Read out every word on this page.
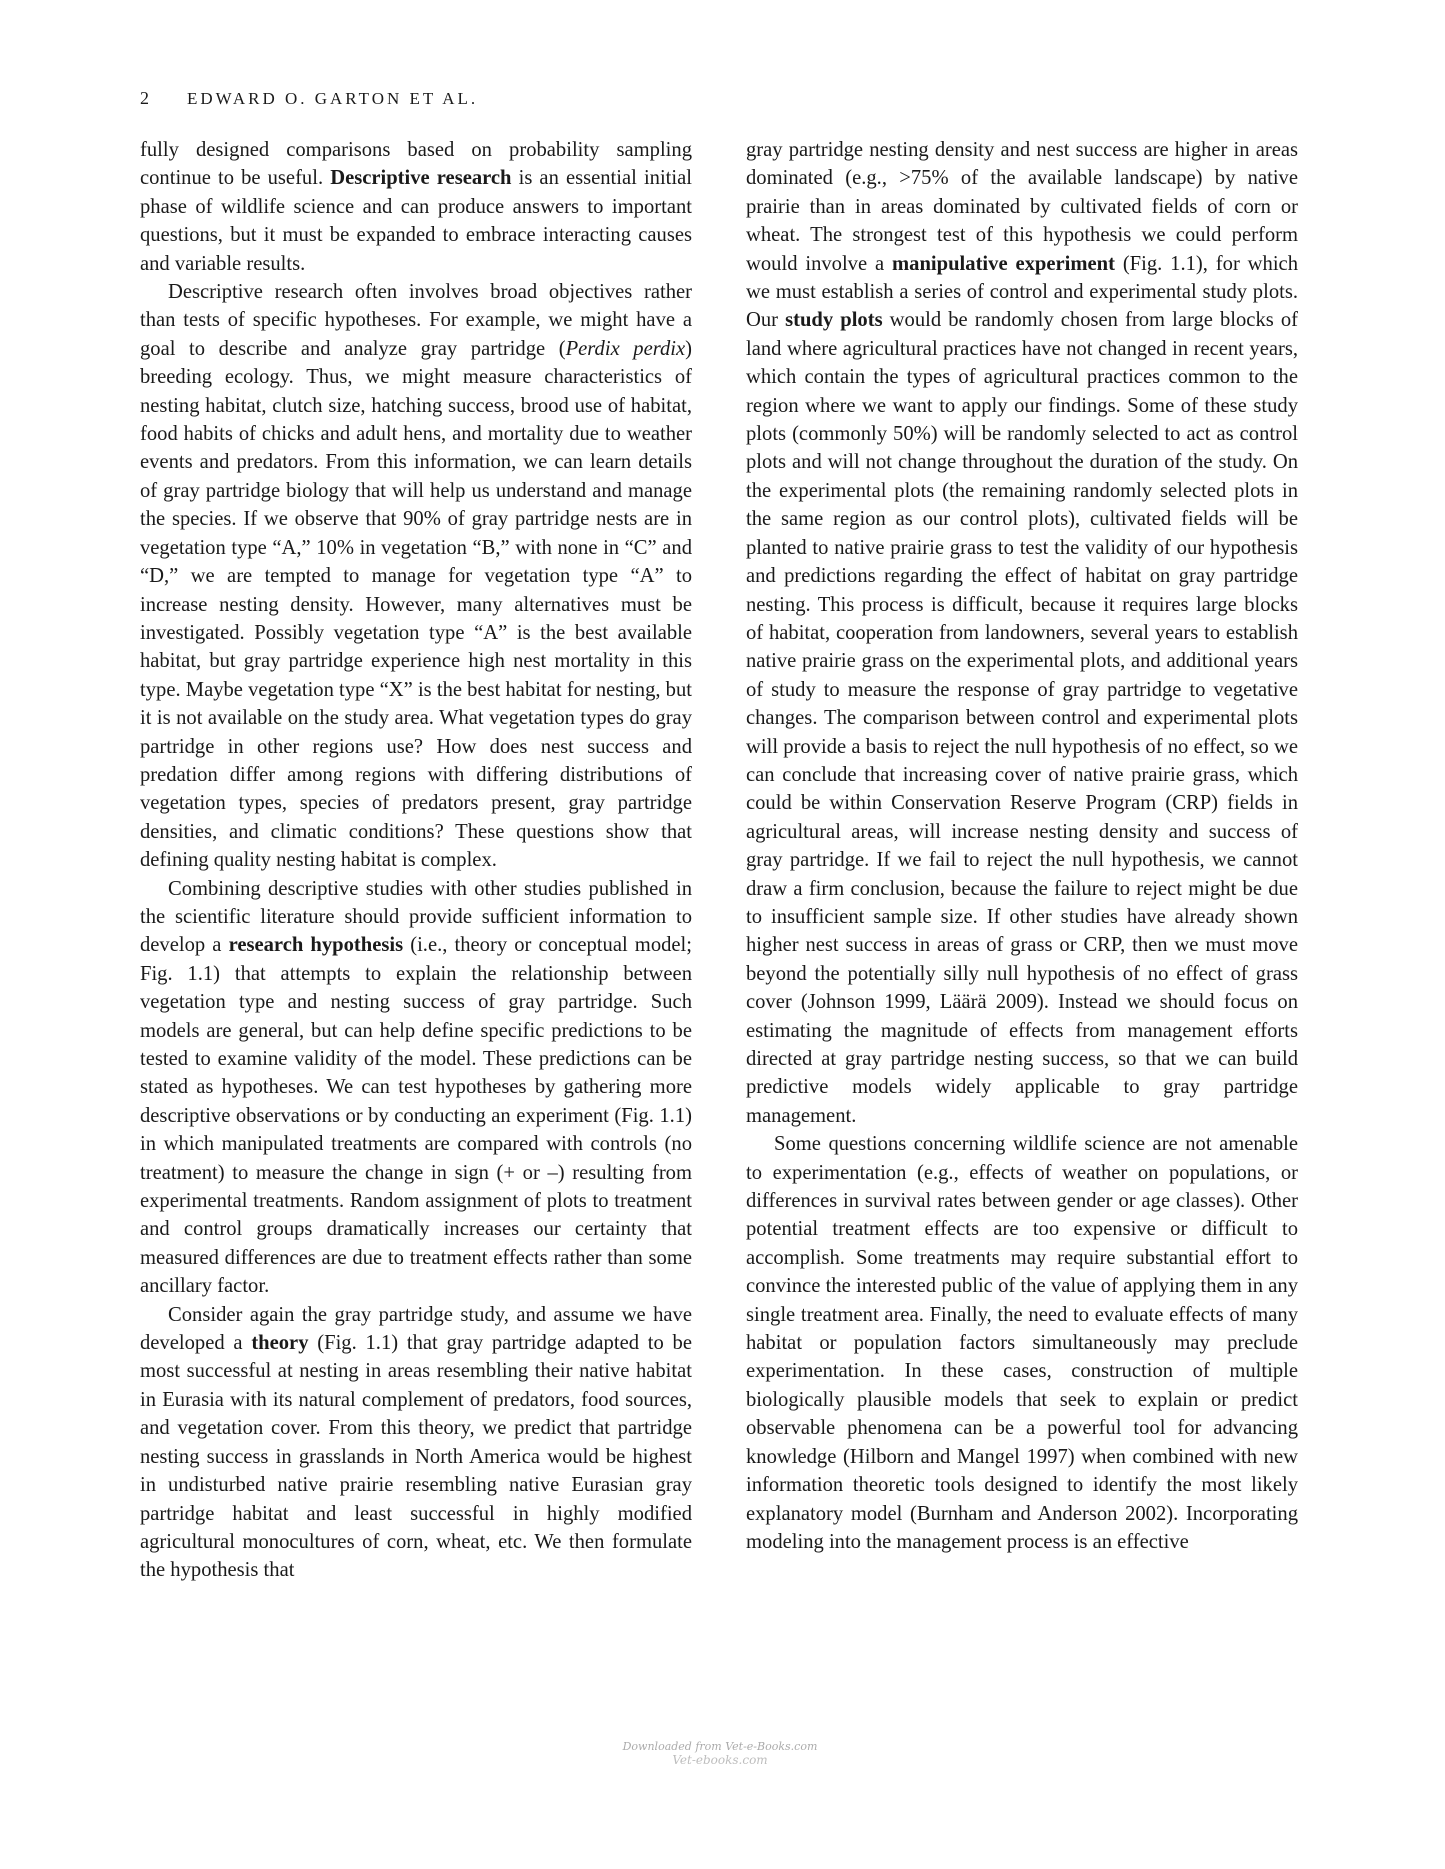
2 EDWARD O. GARTON ET AL.

fully designed comparisons based on probability sampling continue to be useful. Descriptive research is an essential initial phase of wildlife science and can produce answers to important questions, but it must be expanded to embrace interacting causes and variable results.

Descriptive research often involves broad objectives rather than tests of specific hypotheses. For example, we might have a goal to describe and analyze gray partridge (Perdix perdix) breeding ecology. Thus, we might measure characteristics of nesting habitat, clutch size, hatching success, brood use of habitat, food habits of chicks and adult hens, and mortality due to weather events and predators. From this information, we can learn details of gray partridge biology that will help us understand and manage the species. If we observe that 90% of gray partridge nests are in vegetation type “A,” 10% in vegetation “B,” with none in “C” and “D,” we are tempted to manage for vegetation type “A” to increase nesting density. However, many alternatives must be investigated. Possibly vegetation type “A” is the best available habitat, but gray partridge experience high nest mortality in this type. Maybe vegetation type “X” is the best habitat for nesting, but it is not available on the study area. What vegetation types do gray partridge in other regions use? How does nest success and predation differ among regions with differing distributions of vegetation types, species of predators present, gray partridge densities, and climatic conditions? These questions show that defining quality nesting habitat is complex.

Combining descriptive studies with other studies published in the scientific literature should provide sufficient information to develop a research hypothesis (i.e., theory or conceptual model; Fig. 1.1) that attempts to explain the relationship between vegetation type and nesting success of gray partridge. Such models are general, but can help define specific predictions to be tested to examine validity of the model. These predictions can be stated as hypotheses. We can test hypotheses by gathering more descriptive observations or by conducting an experiment (Fig. 1.1) in which manipulated treatments are compared with controls (no treatment) to measure the change in sign (+ or –) resulting from experimental treatments. Random assignment of plots to treatment and control groups dramatically increases our certainty that measured differences are due to treatment effects rather than some ancillary factor.

Consider again the gray partridge study, and assume we have developed a theory (Fig. 1.1) that gray partridge adapted to be most successful at nesting in areas resembling their native habitat in Eurasia with its natural complement of predators, food sources, and vegetation cover. From this theory, we predict that partridge nesting success in grasslands in North America would be highest in undisturbed native prairie resembling native Eurasian gray partridge habitat and least successful in highly modified agricultural monocultures of corn, wheat, etc. We then formulate the hypothesis that

gray partridge nesting density and nest success are higher in areas dominated (e.g., >75% of the available landscape) by native prairie than in areas dominated by cultivated fields of corn or wheat. The strongest test of this hypothesis we could perform would involve a manipulative experiment (Fig. 1.1), for which we must establish a series of control and experimental study plots. Our study plots would be randomly chosen from large blocks of land where agricultural practices have not changed in recent years, which contain the types of agricultural practices common to the region where we want to apply our findings. Some of these study plots (commonly 50%) will be randomly selected to act as control plots and will not change throughout the duration of the study. On the experimental plots (the remaining randomly selected plots in the same region as our control plots), cultivated fields will be planted to native prairie grass to test the validity of our hypothesis and predictions regarding the effect of habitat on gray partridge nesting. This process is difficult, because it requires large blocks of habitat, cooperation from landowners, several years to establish native prairie grass on the experimental plots, and additional years of study to measure the response of gray partridge to vegetative changes. The comparison between control and experimental plots will provide a basis to reject the null hypothesis of no effect, so we can conclude that increasing cover of native prairie grass, which could be within Conservation Reserve Program (CRP) fields in agricultural areas, will increase nesting density and success of gray partridge. If we fail to reject the null hypothesis, we cannot draw a firm conclusion, because the failure to reject might be due to insufficient sample size. If other studies have already shown higher nest success in areas of grass or CRP, then we must move beyond the potentially silly null hypothesis of no effect of grass cover (Johnson 1999, Läärä 2009). Instead we should focus on estimating the magnitude of effects from management efforts directed at gray partridge nesting success, so that we can build predictive models widely applicable to gray partridge management.

Some questions concerning wildlife science are not amenable to experimentation (e.g., effects of weather on populations, or differences in survival rates between gender or age classes). Other potential treatment effects are too expensive or difficult to accomplish. Some treatments may require substantial effort to convince the interested public of the value of applying them in any single treatment area. Finally, the need to evaluate effects of many habitat or population factors simultaneously may preclude experimentation. In these cases, construction of multiple biologically plausible models that seek to explain or predict observable phenomena can be a powerful tool for advancing knowledge (Hilborn and Mangel 1997) when combined with new information theoretic tools designed to identify the most likely explanatory model (Burnham and Anderson 2002). Incorporating modeling into the management process is an effective

Downloaded from Vet-e-Books.com
Vet-ebooks.com
